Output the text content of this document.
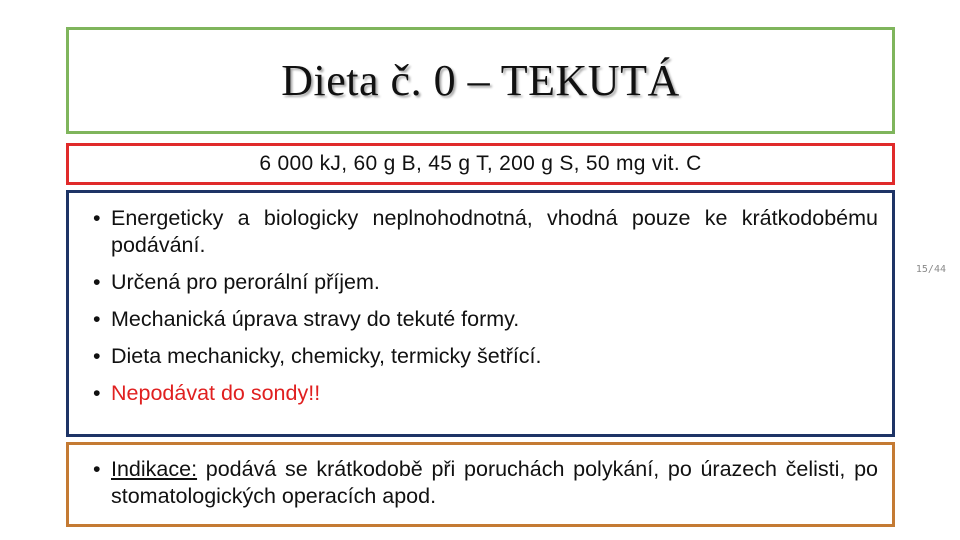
Dieta č. 0 – TEKUTÁ
6 000 kJ, 60 g B, 45 g T, 200 g S, 50 mg vit. C
• Energeticky a biologicky neplnohodnotná, vhodná pouze ke krátkodobému podávání.
• Určená pro perorální příjem.
• Mechanická úprava stravy do tekuté formy.
• Dieta mechanicky, chemicky, termicky šetřící.
• Nepodávat do sondy!!
• Indikace: podává se krátkodobě při poruchách polykání, po úrazech čelisti, po stomatologických operacích apod.
15/44
